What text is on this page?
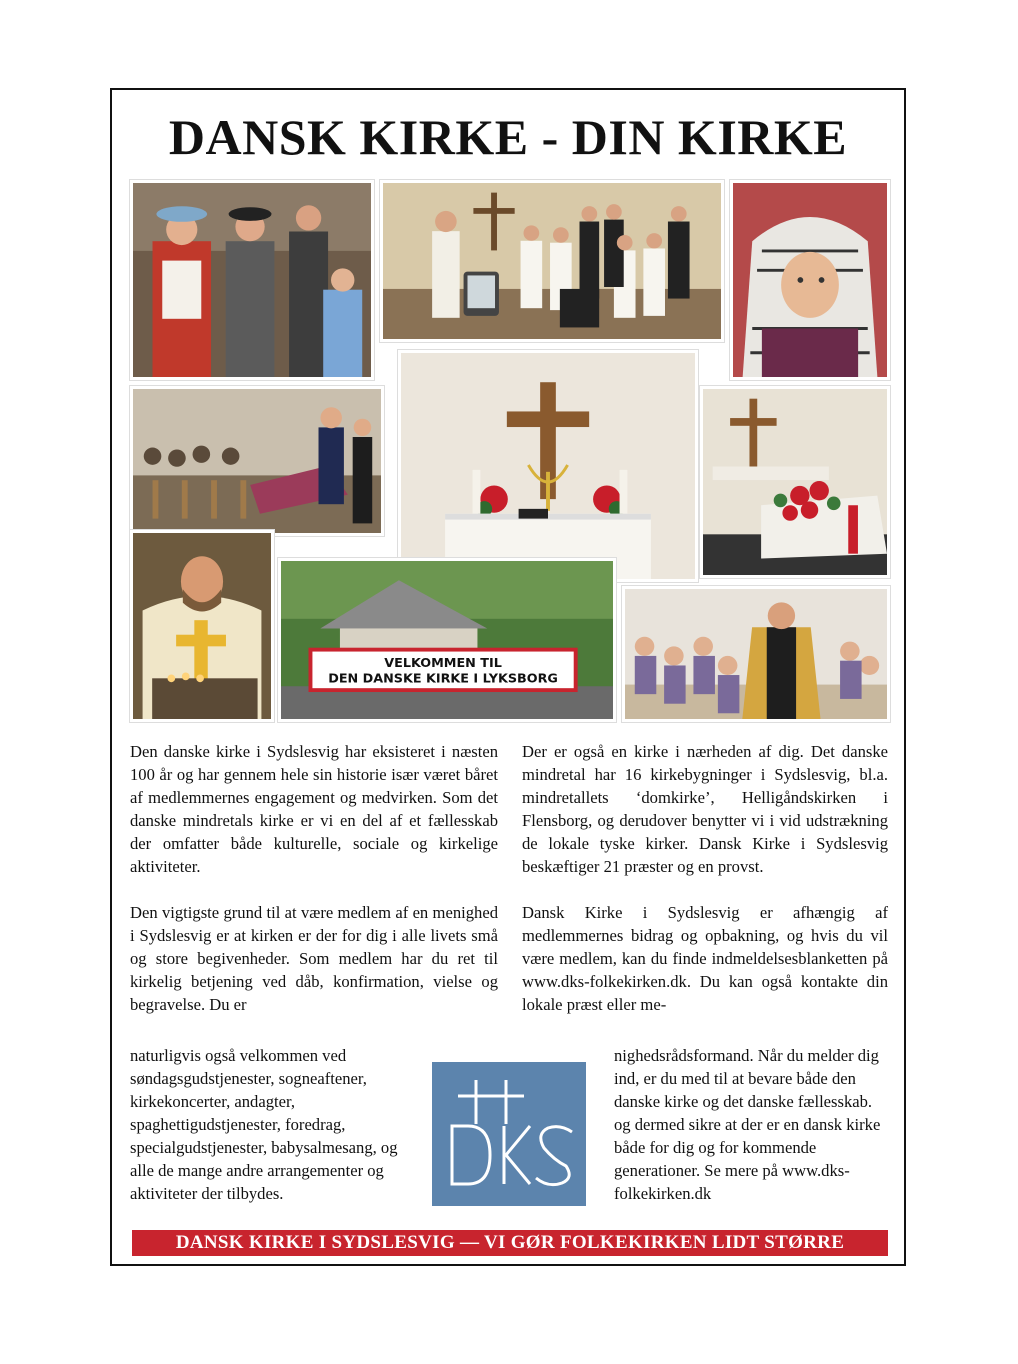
DANSK KIRKE - DIN KIRKE
VELKOMMEN TIL
DEN DANSKE KIRKE I LYKSBORG

Den danske kirke i Sydslesvig har eksisteret i næsten 100 år og har gennem hele sin historie især været båret af medlemmernes engagement og medvirken. Som det danske mindretals kirke er vi en del af et fællesskab der omfatter både kulturelle, sociale og kirkelige aktiviteter.

Den vigtigste grund til at være medlem af en menighed i Sydslesvig er at kirken er der for dig i alle livets små og store begivenheder. Som medlem har du ret til kirkelig betjening ved dåb, konfirmation, vielse og begravelse. Du er

naturligvis også velkommen ved søndagsgudstjenester, sogneaftener, kirkekoncerter, andagter, spaghettigudstjenester, foredrag, specialgudstjenester, babysalmesang, og alle de mange andre arrangementer og aktiviteter der tilbydes.

Der er også en kirke i nærheden af dig. Det danske mindretal har 16 kirkebygninger i Sydslesvig, bl.a. mindretallets ‘domkirke’, Helligåndskirken i Flensborg, og derudover benytter vi i vid udstrækning de lokale tyske kirker. Dansk Kirke i Sydslesvig beskæftiger 21 præster og en provst.

Dansk Kirke i Sydslesvig er afhængig af medlemmernes bidrag og opbakning, og hvis du vil være medlem, kan du finde indmeldelsesblanketten på www.dks-folkekirken.dk. Du kan også kontakte din lokale præst eller me-

nighedsrådsformand. Når du melder dig ind, er du med til at bevare både den danske kirke og det danske fællesskab. og dermed sikre at der er en dansk kirke både for dig og for kommende generationer. Se mere på www.dks-folkekirken.dk

DANSK KIRKE I SYDSLESVIG — VI GØR FOLKEKIRKEN LIDT STØRRE
